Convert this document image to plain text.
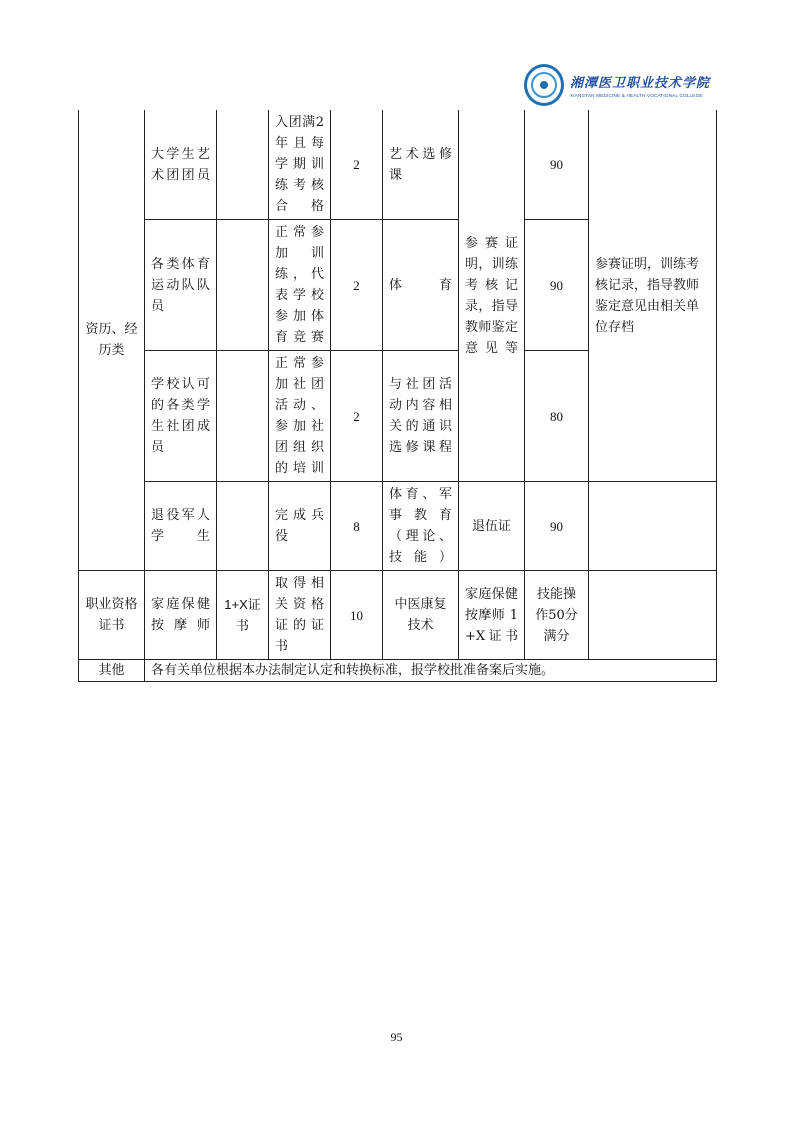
湘潭医卫职业技术学院
XIANGTAN MEDICINE & HEALTH VOCATIONAL COLLEGE
资历、经历类	大学生艺术团团员		入团满2年且每学期训练考核合格	2	艺术选修课	参赛证明，训练考核记录，指导教师鉴定意见等	90	参赛证明，训练考核记录，指导教师鉴定意见由相关单位存档
	各类体育运动队队员		正常参加训练，代表学校参加体育竞赛	2	体育		90	
	学校认可的各类学生社团成员		正常参加社团活动、参加社团组织的培训	2	与社团活动内容相关的通识选修课程		80	
	退役军人学生		完成兵役	8	体育、军事教育（理论、技能）	退伍证	90	
职业资格证书	家庭保健按摩师	1+X证书	取得相关资格证的证书	10	中医康复技术	家庭保健按摩师 1+X证书	技能操作50分满分	
其他	各有关单位根据本办法制定认定和转换标准，报学校批准备案后实施。							
95
